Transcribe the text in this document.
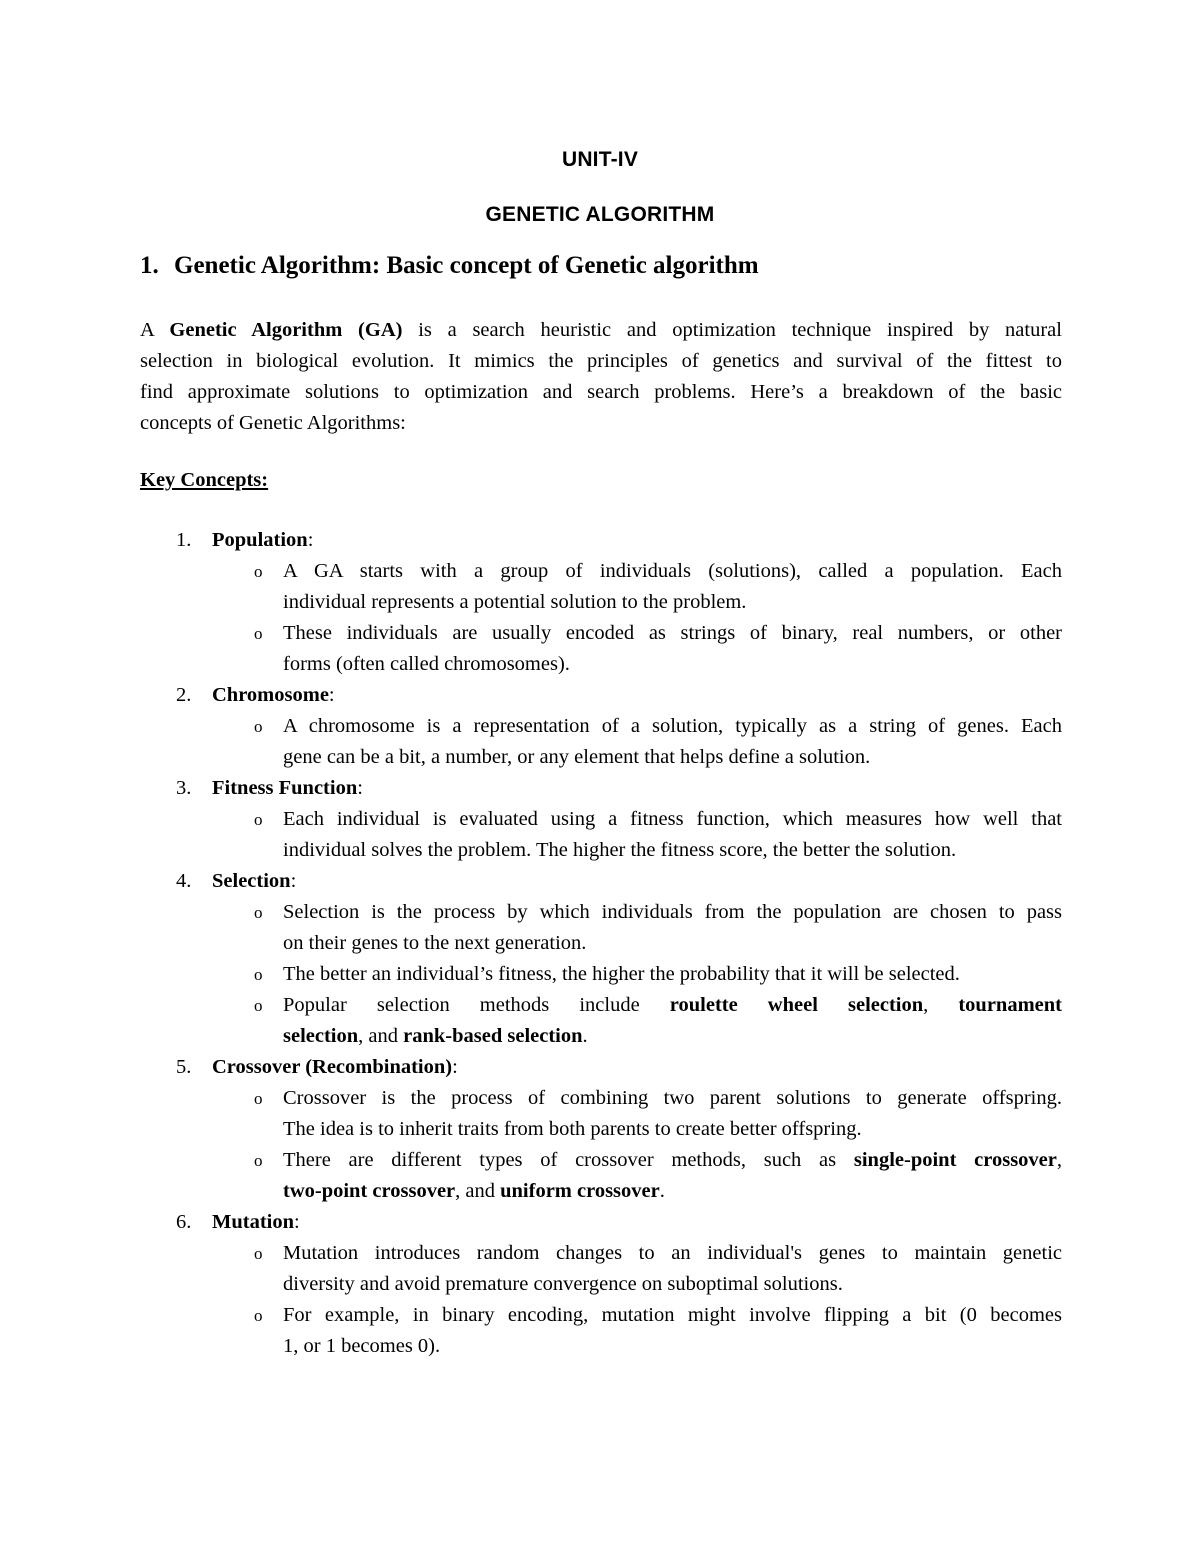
UNIT-IV
GENETIC ALGORITHM
1. Genetic Algorithm: Basic concept of Genetic algorithm
A Genetic Algorithm (GA) is a search heuristic and optimization technique inspired by natural
selection in biological evolution. It mimics the principles of genetics and survival of the fittest to
find approximate solutions to optimization and search problems. Here’s a breakdown of the basic
concepts of Genetic Algorithms:
Key Concepts:
1. Population:
o A GA starts with a group of individuals (solutions), called a population. Each
individual represents a potential solution to the problem.
o These individuals are usually encoded as strings of binary, real numbers, or other
forms (often called chromosomes).
2. Chromosome:
o A chromosome is a representation of a solution, typically as a string of genes. Each
gene can be a bit, a number, or any element that helps define a solution.
3. Fitness Function:
o Each individual is evaluated using a fitness function, which measures how well that
individual solves the problem. The higher the fitness score, the better the solution.
4. Selection:
o Selection is the process by which individuals from the population are chosen to pass
on their genes to the next generation.
o The better an individual’s fitness, the higher the probability that it will be selected.
o Popular selection methods include roulette wheel selection, tournament
selection, and rank-based selection.
5. Crossover (Recombination):
o Crossover is the process of combining two parent solutions to generate offspring.
The idea is to inherit traits from both parents to create better offspring.
o There are different types of crossover methods, such as single-point crossover,
two-point crossover, and uniform crossover.
6. Mutation:
o Mutation introduces random changes to an individual's genes to maintain genetic
diversity and avoid premature convergence on suboptimal solutions.
o For example, in binary encoding, mutation might involve flipping a bit (0 becomes
1, or 1 becomes 0).
